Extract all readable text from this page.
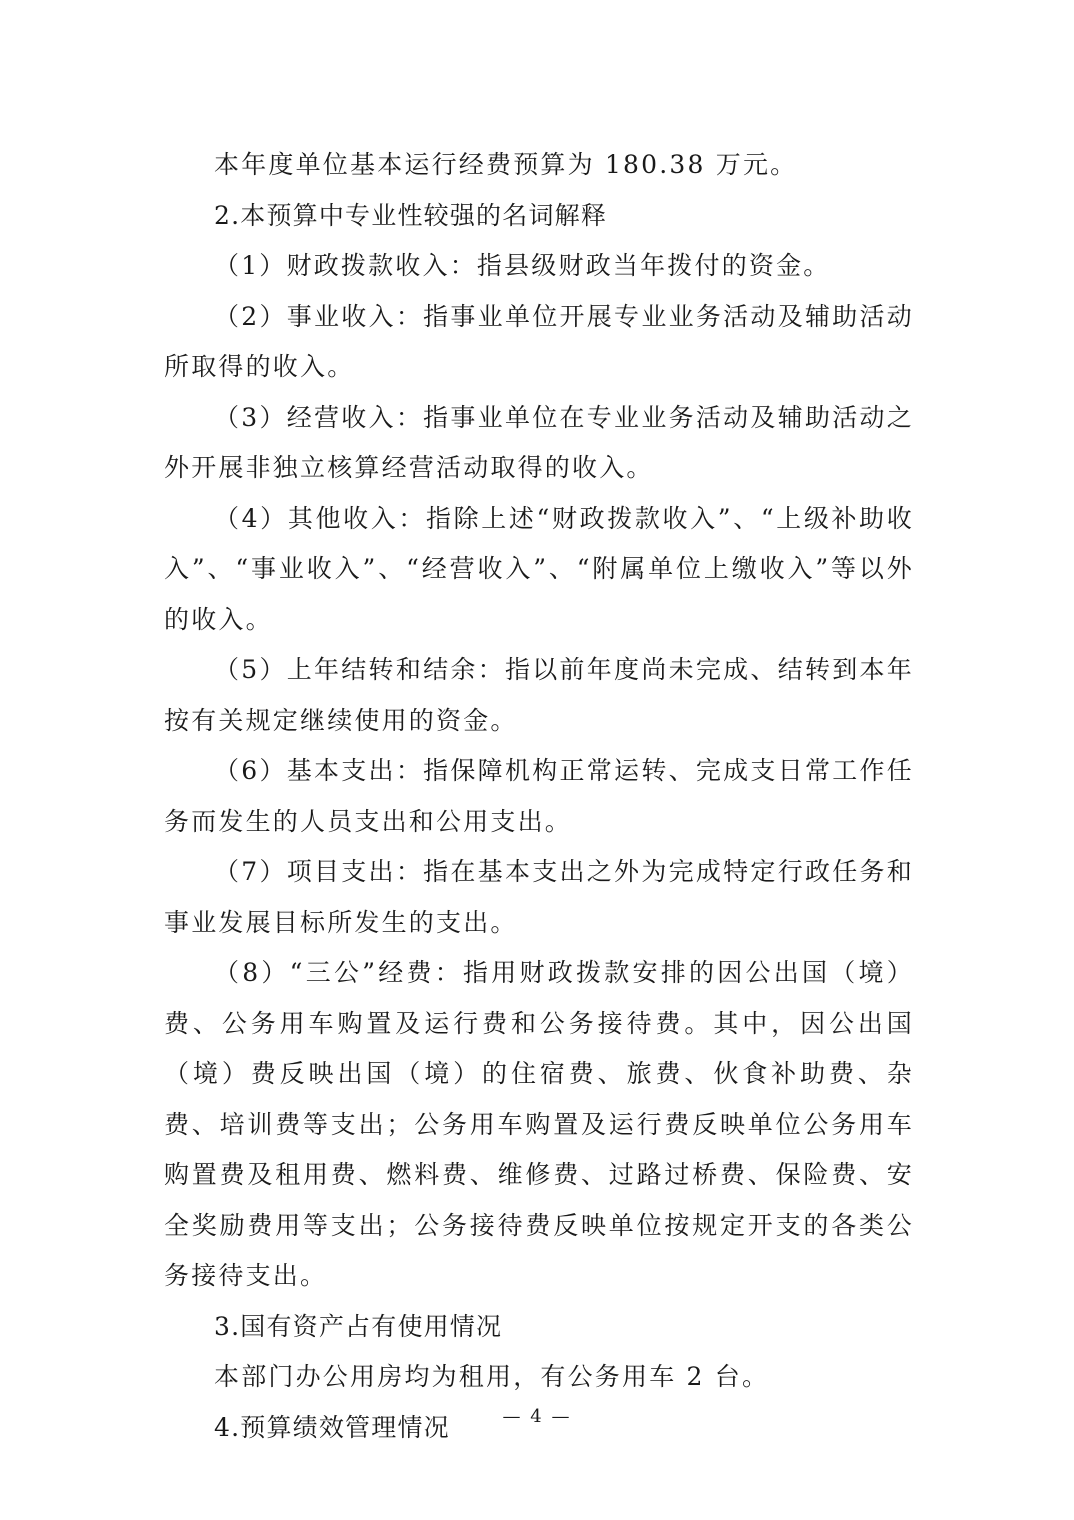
本年度单位基本运行经费预算为 180.38 万元。

2.本预算中专业性较强的名词解释

（1）财政拨款收入：指县级财政当年拨付的资金。

（2）事业收入：指事业单位开展专业业务活动及辅助活动所取得的收入。

（3）经营收入：指事业单位在专业业务活动及辅助活动之外开展非独立核算经营活动取得的收入。

（4）其他收入：指除上述“财政拨款收入”、“上级补助收入”、“事业收入”、“经营收入”、“附属单位上缴收入”等以外的收入。

（5）上年结转和结余：指以前年度尚未完成、结转到本年按有关规定继续使用的资金。

（6）基本支出：指保障机构正常运转、完成支日常工作任务而发生的人员支出和公用支出。

（7）项目支出：指在基本支出之外为完成特定行政任务和事业发展目标所发生的支出。

（8）“三公”经费：指用财政拨款安排的因公出国（境）费、公务用车购置及运行费和公务接待费。其中，因公出国（境）费反映出国（境）的住宿费、旅费、伙食补助费、杂费、培训费等支出；公务用车购置及运行费反映单位公务用车购置费及租用费、燃料费、维修费、过路过桥费、保险费、安全奖励费用等支出；公务接待费反映单位按规定开支的各类公务接待支出。

3.国有资产占有使用情况

本部门办公用房均为租用，有公务用车 2 台。

4.预算绩效管理情况	— 4 —
